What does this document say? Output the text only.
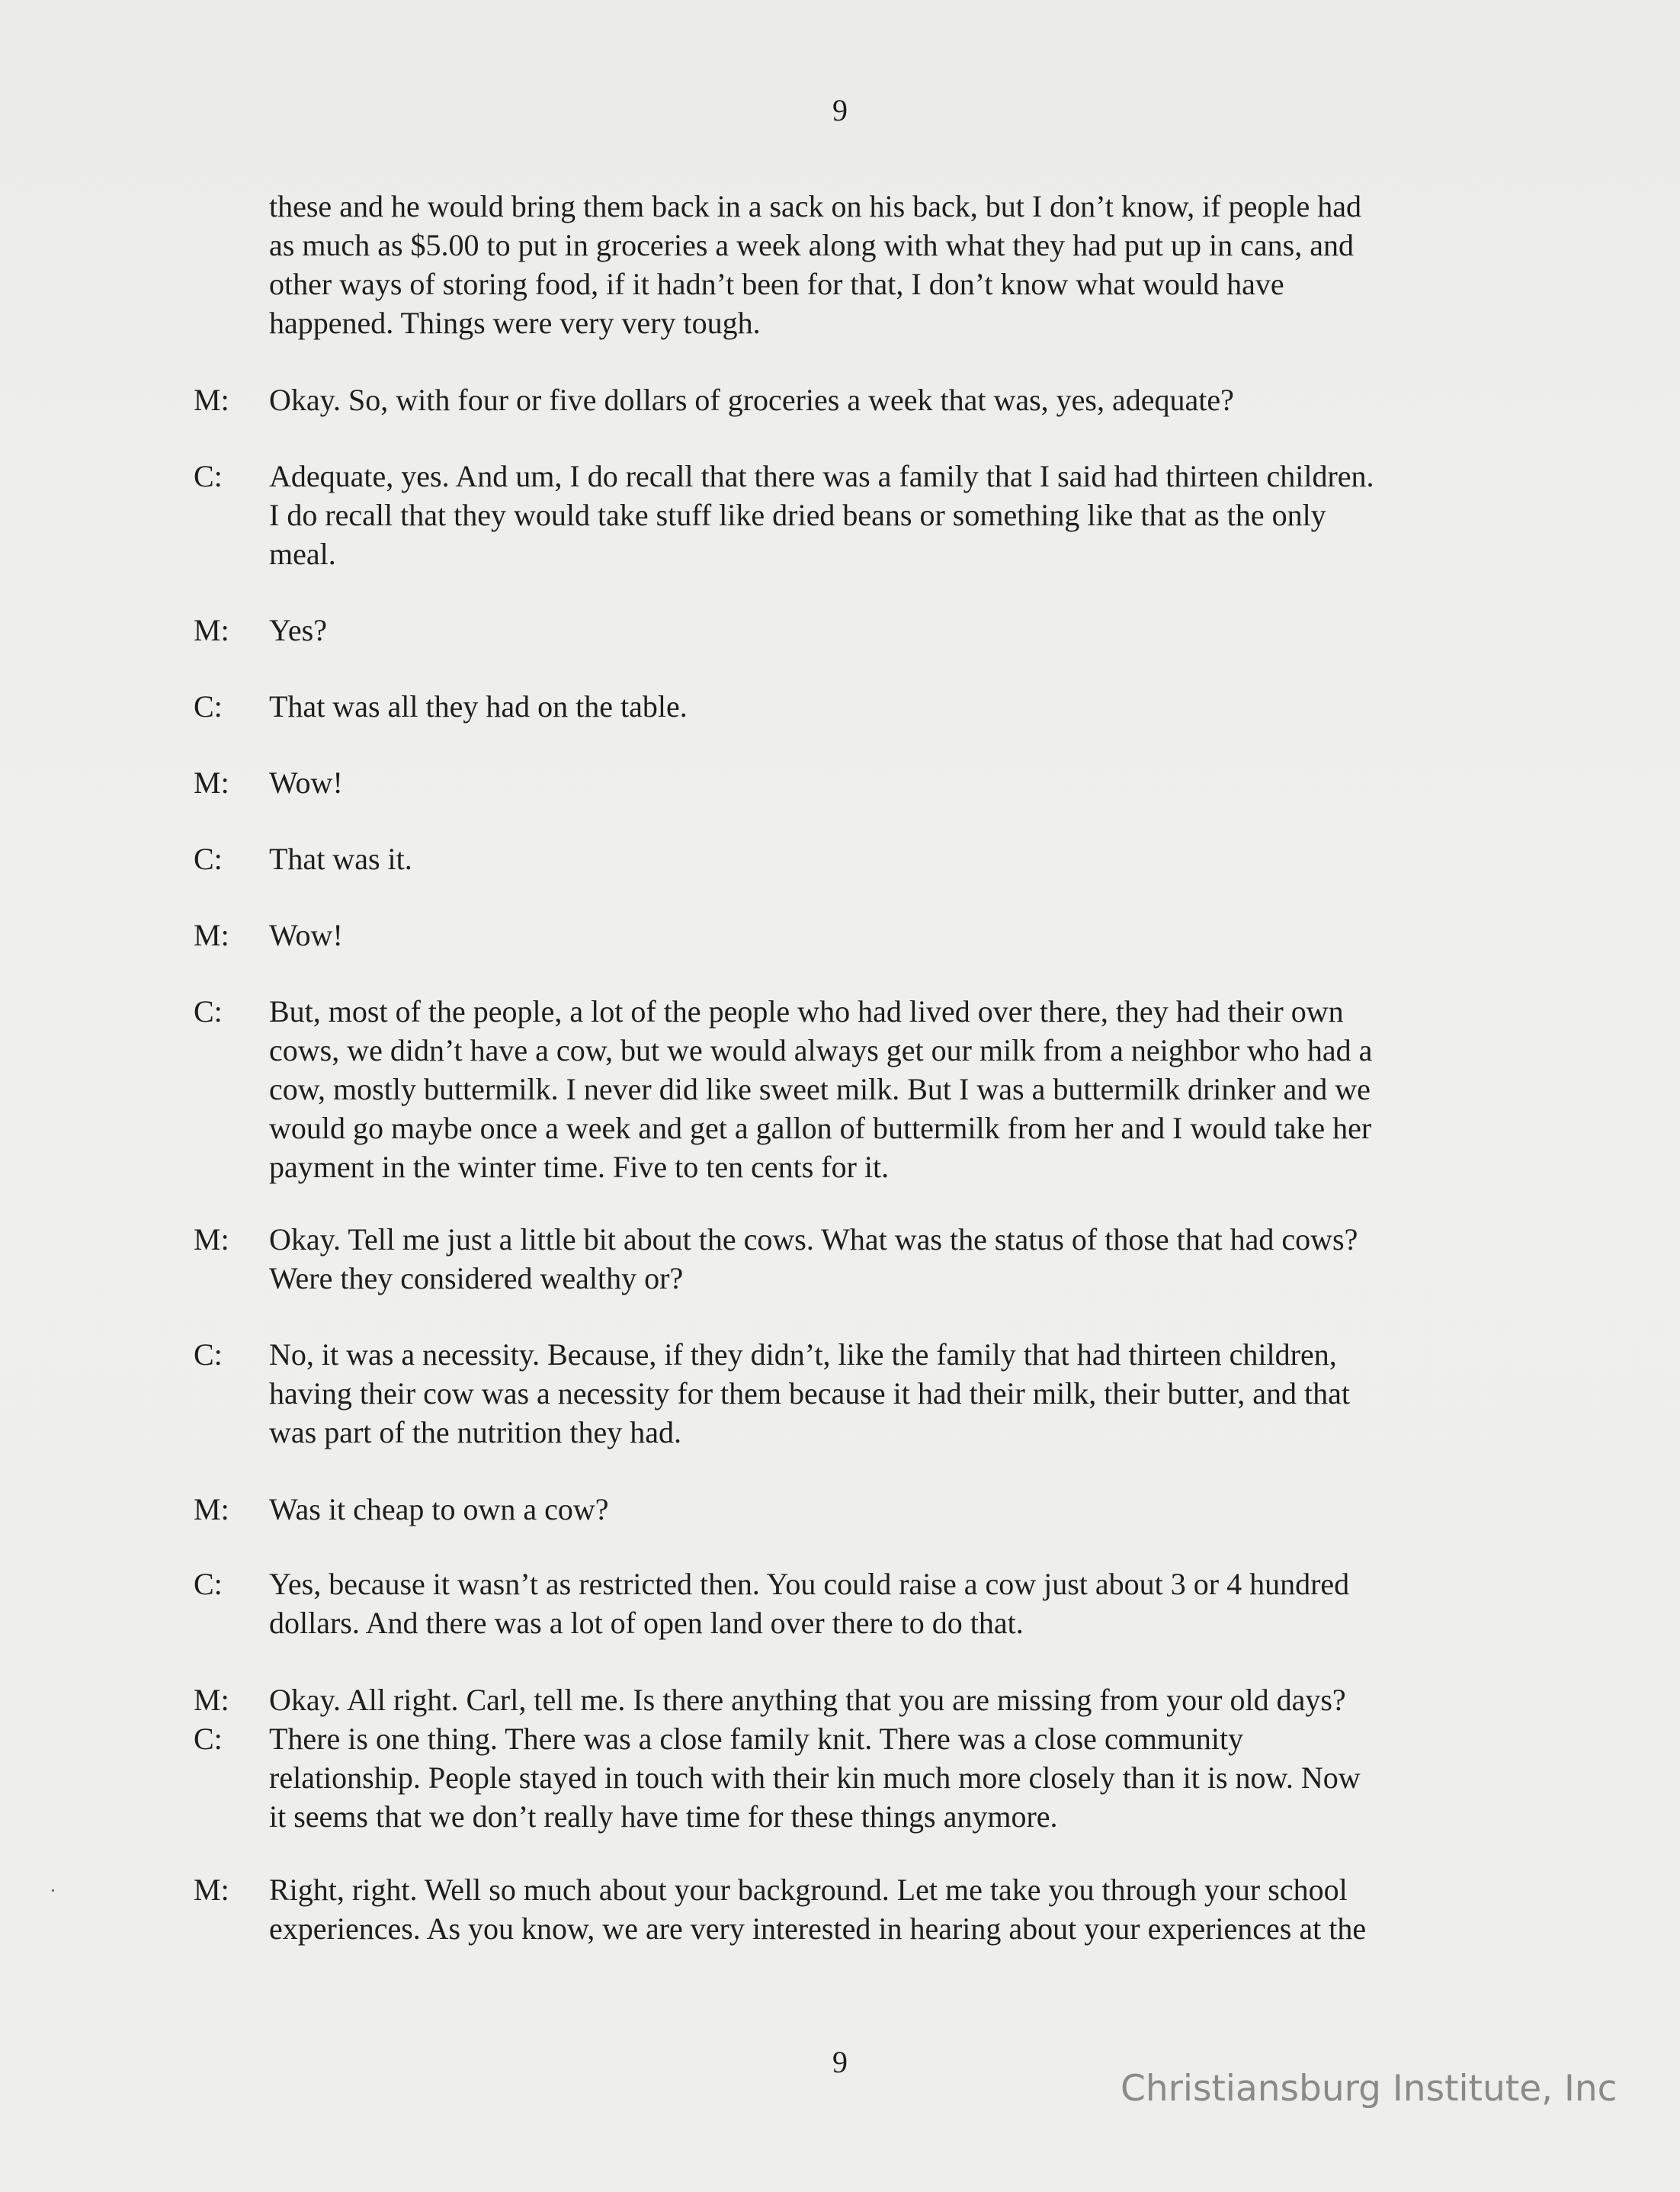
9

these and he would bring them back in a sack on his back, but I don’t know, if people had
as much as $5.00 to put in groceries a week along with what they had put up in cans, and
other ways of storing food, if it hadn’t been for that, I don’t know what would have
happened. Things were very very tough.

M:	Okay. So, with four or five dollars of groceries a week that was, yes, adequate?

C:	Adequate, yes. And um, I do recall that there was a family that I said had thirteen children.
I do recall that they would take stuff like dried beans or something like that as the only
meal.

M:	Yes?

C:	That was all they had on the table.

M:	Wow!

C:	That was it.

M:	Wow!

C:	But, most of the people, a lot of the people who had lived over there, they had their own
cows, we didn’t have a cow, but we would always get our milk from a neighbor who had a
cow, mostly buttermilk. I never did like sweet milk. But I was a buttermilk drinker and we
would go maybe once a week and get a gallon of buttermilk from her and I would take her
payment in the winter time. Five to ten cents for it.

M:	Okay. Tell me just a little bit about the cows. What was the status of those that had cows?
Were they considered wealthy or?

C:	No, it was a necessity. Because, if they didn’t, like the family that had thirteen children,
having their cow was a necessity for them because it had their milk, their butter, and that
was part of the nutrition they had.

M:	Was it cheap to own a cow?

C:	Yes, because it wasn’t as restricted then. You could raise a cow just about 3 or 4 hundred
dollars. And there was a lot of open land over there to do that.

M:	Okay. All right. Carl, tell me. Is there anything that you are missing from your old days?

C:	There is one thing. There was a close family knit. There was a close community
relationship. People stayed in touch with their kin much more closely than it is now. Now
it seems that we don’t really have time for these things anymore.

M:	Right, right. Well so much about your background. Let me take you through your school
experiences. As you know, we are very interested in hearing about your experiences at the

9
Christiansburg Institute, Inc
